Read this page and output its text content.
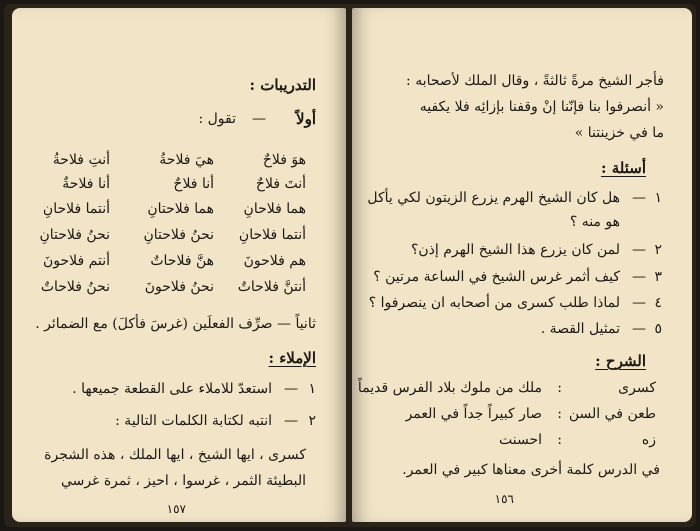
التدريبات :
أولاً
—
تقول :
هوَ فلاحٌ
هيَ فلاحةُ
أنتِ فلاحةُ
أنتَ فلاحٌ
أنا فلاحٌ
أنا فلاحةٌ
هما فلاحانِ
هما فلاحتانِ
أنتما فلاحانِ
أنتما فلاحانِ
نحنُ فلاحتانِ
نحنُ فلاحتانِ
هم فلاحونَ
هنَّ فلاحاتٌ
أنتم فلاحونَ
أنتنَّ فلاحاتٌ
نحنُ فلاحونَ
نحنُ فلاحاتٌ
ثانياً — صرِّف الفعلَين (غرسَ فأكلَ) مع الضمائر .
الإملاء :
١
—
استعدّ للاملاء على القطعة جميعها .
٢
—
انتبه لكتابة الكلمات التالية :
كسرى ، ايها الشيخ ، ايها الملك ، هذه الشجرة
البطيئة الثمر ، غرسوا ، احيز ، ثمرة غرسي
١٥٧
فأجر الشيخ مرةً ثالثةً ، وقال الملك لأصحابه :
« أنصرفوا بنا فإنّنا إنْ وقفنا بإزائِه فلا يكفيه
ما في خزينتنا »
أسئلة :
١
—
هل كان الشيخ الهرم يزرع الزيتون لكي يأكل
هو منه ؟
٢
—
لمن كان يزرع هذا الشيخ الهرم إذن؟
٣
—
كيف أثمر غرس الشيخ في الساعة مرتين ؟
٤
—
لماذا طلب كسرى من أصحابه ان ينصرفوا ؟
٥
—
تمثيل القصة .
الشرح :
كسرى
:
ملك من ملوك بلاد الفرس قديماً
طعن في السن
:
صار كبيراً جداً في العمر
زه
:
احسنت
في الدرس كلمة أخرى معناها كبير في العمر.
١٥٦
